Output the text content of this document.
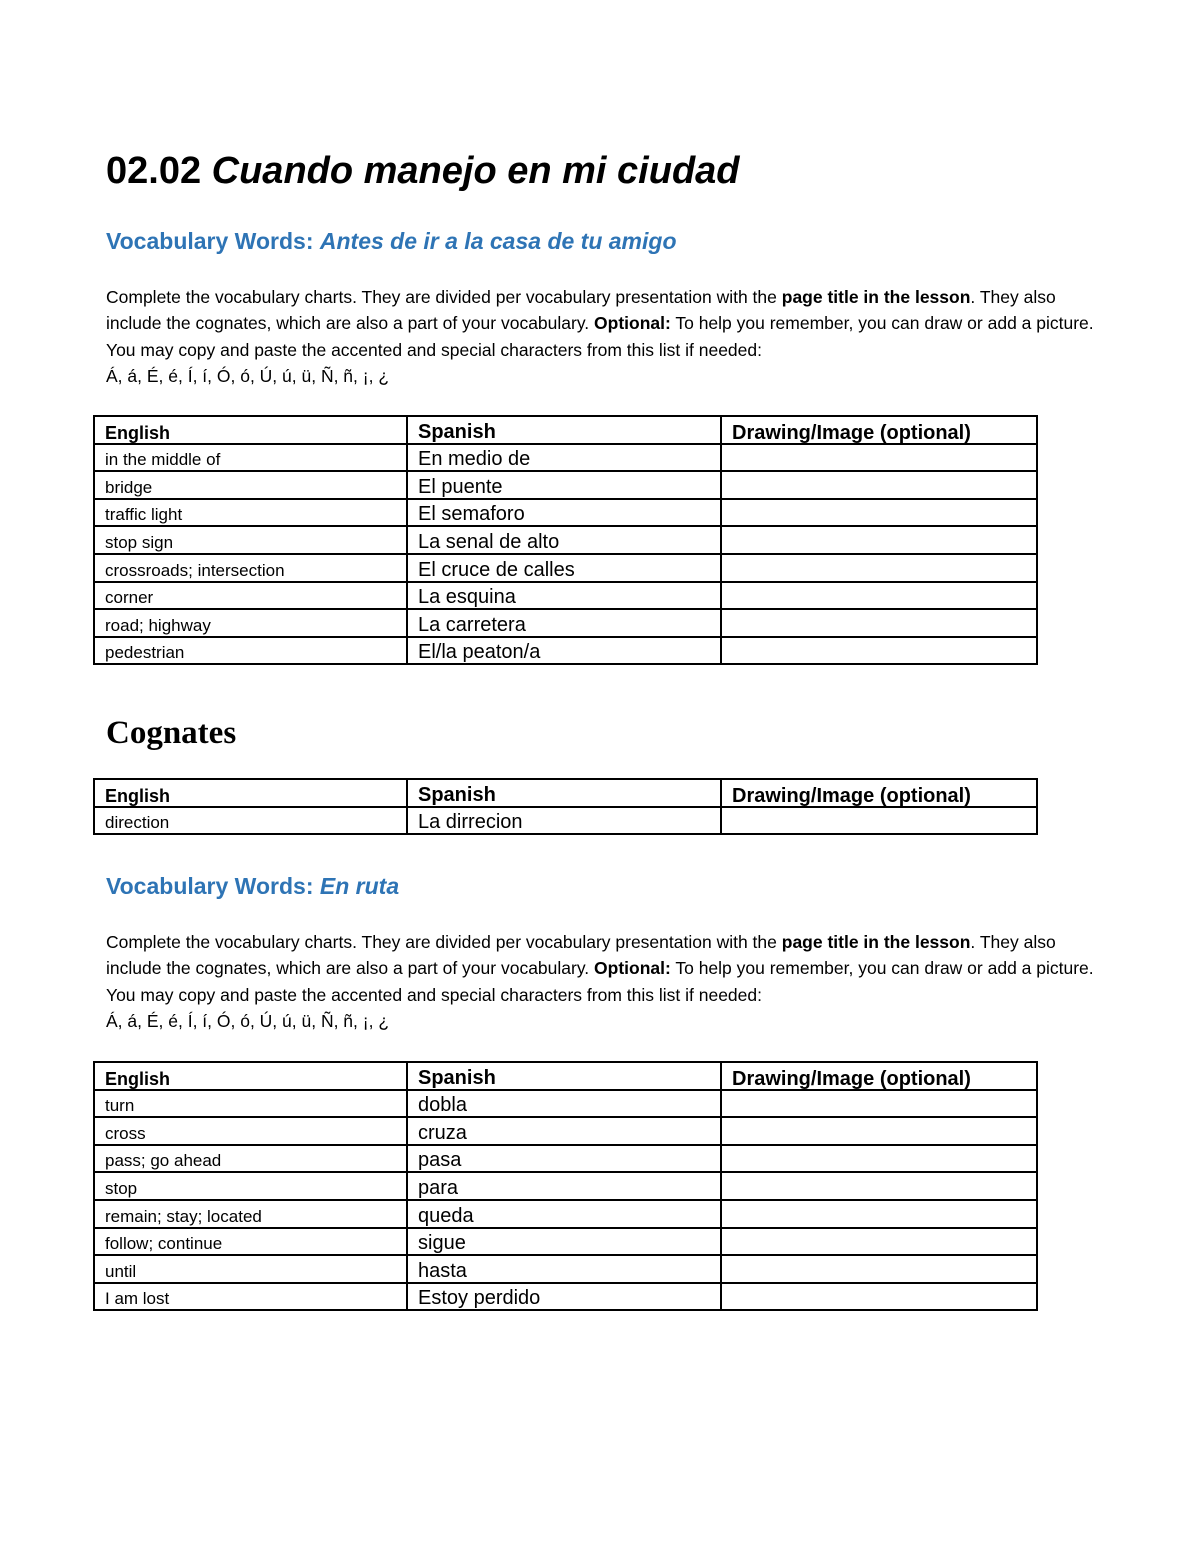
02.02 Cuando manejo en mi ciudad
Vocabulary Words: Antes de ir a la casa de tu amigo

Complete the vocabulary charts. They are divided per vocabulary presentation with the page title in the lesson. They also include the cognates, which are also a part of your vocabulary. Optional: To help you remember, you can draw or add a picture. You may copy and paste the accented and special characters from this list if needed:
Á, á, É, é, Í, í, Ó, ó, Ú, ú, ü, Ñ, ñ, ¡, ¿

English	Spanish	Drawing/Image (optional)
in the middle of	En medio de	
bridge	El puente	
traffic light	El semaforo	
stop sign	La senal de alto	
crossroads; intersection	El cruce de calles	
corner	La esquina	
road; highway	La carretera	
pedestrian	El/la peaton/a	
Cognates
English	Spanish	Drawing/Image (optional)
direction	La dirrecion	
Vocabulary Words: En ruta

Complete the vocabulary charts. They are divided per vocabulary presentation with the page title in the lesson. They also include the cognates, which are also a part of your vocabulary. Optional: To help you remember, you can draw or add a picture. You may copy and paste the accented and special characters from this list if needed:
Á, á, É, é, Í, í, Ó, ó, Ú, ú, ü, Ñ, ñ, ¡, ¿

English	Spanish	Drawing/Image (optional)
turn	dobla	
cross	cruza	
pass; go ahead	pasa	
stop	para	
remain; stay; located	queda	
follow; continue	sigue	
until	hasta	
I am lost	Estoy perdido	
